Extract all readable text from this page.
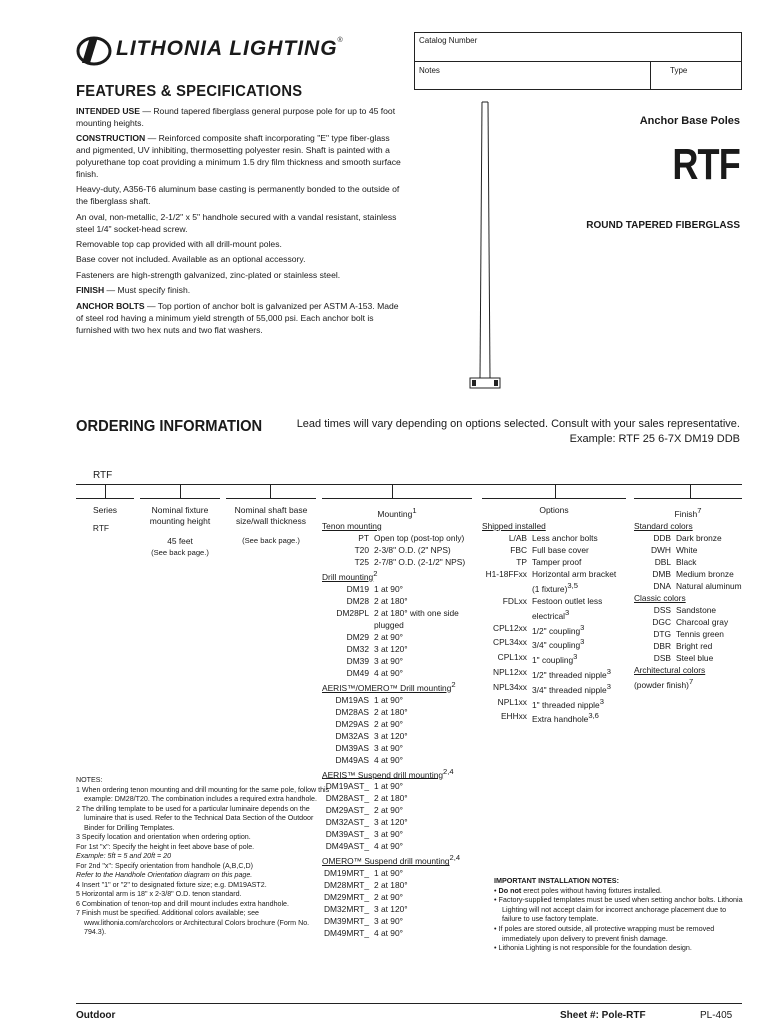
LITHONIA LIGHTING®	Catalog Number
Notes	Type
FEATURES & SPECIFICATIONS

INTENDED USE — Round tapered fiberglass general purpose pole for up to 45 foot mounting heights.

CONSTRUCTION — Reinforced composite shaft incorporating "E" type fiber-glass and pigmented, UV inhibiting, thermosetting polyester resin. Shaft is painted with a polyurethane top coat providing a minimum 1.5 dry film thickness and smooth surface finish.

Heavy-duty, A356-T6 aluminum base casting is permanently bonded to the outside of the fiberglass shaft.

An oval, non-metallic, 2-1/2" x 5" handhole secured with a vandal resistant, stainless steel 1/4" socket-head screw.

Removable top cap provided with all drill-mount poles.

Base cover not included. Available as an optional accessory.

Fasteners are high-strength galvanized, zinc-plated or stainless steel.

FINISH — Must specify finish.

ANCHOR BOLTS — Top portion of anchor bolt is galvanized per ASTM A-153. Made of steel rod having a minimum yield strength of 55,000 psi. Each anchor bolt is furnished with two hex nuts and two flat washers.

Anchor Base Poles
RTF
ROUND TAPERED FIBERGLASS
ORDERING INFORMATION	Lead times will vary depending on options selected. Consult with your sales representative.
Example: RTF 25 6-7X DM19 DDB
RTF
Series
RTF
Nominal fixture
mounting height
45 feet
(See back page.)
Nominal shaft base
size/wall thickness
(See back page.)
Mounting$^1$
Tenon mounting
PT Open top (post-top only)
T20 2-3/8" O.D. (2" NPS)
T25 2-7/8" O.D. (2-1/2" NPS)
Drill mounting$^2$
DM19 1 at 90°
DM28 2 at 180°
DM28PL 2 at 180° with one side plugged
DM29 2 at 90°
DM32 3 at 120°
DM39 3 at 90°
DM49 4 at 90°
AERIS™/OMERO™ Drill mounting$^2$
DM19AS 1 at 90°
DM28AS 2 at 180°
DM29AS 2 at 90°
DM32AS 3 at 120°
DM39AS 3 at 90°
DM49AS 4 at 90°
AERIS™ Suspend drill mounting$^{2,4}$
DM19AST_ 1 at 90°
DM28AST_ 2 at 180°
DM29AST_ 2 at 90°
DM32AST_ 3 at 120°
DM39AST_ 3 at 90°
DM49AST_ 4 at 90°
OMERO™ Suspend drill mounting$^{2,4}$
DM19MRT_ 1 at 90°
DM28MRT_ 2 at 180°
DM29MRT_ 2 at 90°
DM32MRT_ 3 at 120°
DM39MRT_ 3 at 90°
DM49MRT_ 4 at 90°
Options
Shipped installed
L/AB Less anchor bolts
FBC Full base cover
TP Tamper proof
H1-18FFxx Horizontal arm bracket (1 fixture)$^{3,5}$
FDLxx Festoon outlet less electrical$^3$
CPL12xx 1/2" coupling$^3$
CPL34xx 3/4" coupling$^3$
CPL1xx 1" coupling$^3$
NPL12xx 1/2" threaded nipple$^3$
NPL34xx 3/4" threaded nipple$^3$
NPL1xx 1" threaded nipple$^3$
EHHxx Extra handhole$^{3,6}$
Finish$^7$
Standard colors
DDB Dark bronze
DWH White
DBL Black
DMB Medium bronze
DNA Natural aluminum
Classic colors
DSS Sandstone
DGC Charcoal gray
DTG Tennis green
DBR Bright red
DSB Steel blue
Architectural colors
(powder finish)$^7$
NOTES:
1 When ordering tenon mounting and drill mounting for the same pole, follow this example: DM28/T20. The combination includes a required extra handhole.
2 The drilling template to be used for a particular luminaire depends on the luminaire that is used. Refer to the Technical Data Section of the Outdoor Binder for Drilling Templates.
3 Specify location and orientation when ordering option.
For 1st "x": Specify the height in feet above base of pole.
Example: 5ft = 5 and 20ft = 20
For 2nd "x": Specify orientation from handhole (A,B,C,D)
Refer to the Handhole Orientation diagram on this page.
4 Insert "1" or "2" to designated fixture size; e.g. DM19AST2.
5 Horizontal arm is 18" x 2-3/8" O.D. tenon standard.
6 Combination of tenon-top and drill mount includes extra handhole.
7 Finish must be specified. Additional colors available; see www.lithonia.com/archcolors or Architectural Colors brochure (Form No. 794.3).
IMPORTANT INSTALLATION NOTES:
• Do not erect poles without having fixtures installed.
• Factory-supplied templates must be used when setting anchor bolts. Lithonia Lighting will not accept claim for incorrect anchorage placement due to failure to use factory template.
• If poles are stored outside, all protective wrapping must be removed immediately upon delivery to prevent finish damage.
• Lithonia Lighting is not responsible for the foundation design.
Outdoor	Sheet #: Pole-RTF	PL-405
